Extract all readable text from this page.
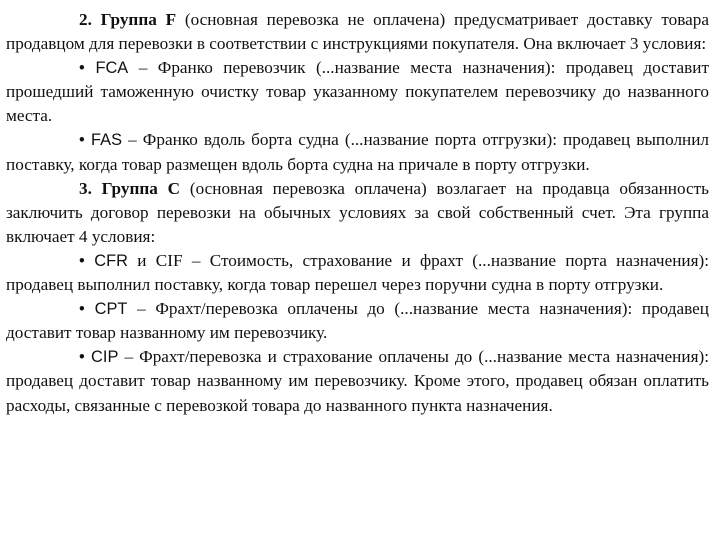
2. Группа F (основная перевозка не оплачена) предусматривает доставку товара продавцом для перевозки в соответствии с инструкциями покупателя. Она включает 3 условия:

• FCA – Франко перевозчик (...название места назначения): продавец доставит прошедший таможенную очистку товар указанному покупателем перевозчику до названного места.

• FAS – Франко вдоль борта судна (...название порта отгрузки): продавец выполнил поставку, когда товар размещен вдоль борта судна на причале в порту отгрузки.

3. Группа C (основная перевозка оплачена) возлагает на продавца обязанность заключить договор перевозки на обычных условиях за свой собственный счет. Эта группа включает 4 условия:

• CFR и CIF – Стоимость, страхование и фрахт (...название порта назначения): продавец выполнил поставку, когда товар перешел через поручни судна в порту отгрузки.

• CPT – Фрахт/перевозка оплачены до (...название места назначения): продавец доставит товар названному им перевозчику.

• CIP – Фрахт/перевозка и страхование оплачены до (...название места назначения): продавец доставит товар названному им перевозчику. Кроме этого, продавец обязан оплатить расходы, связанные с перевозкой товара до названного пункта назначения.
